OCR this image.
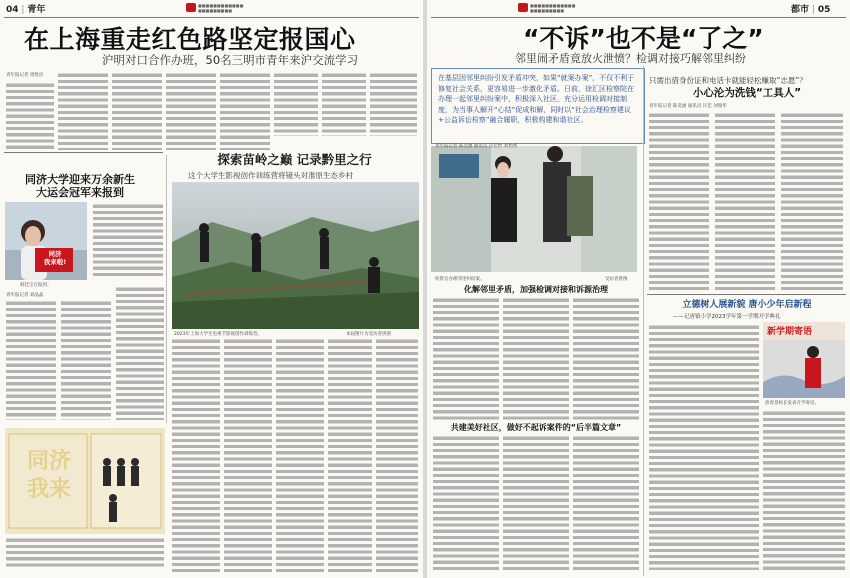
04 | 青年	■■■■■■■■■■■■
■■■■■■■■■
在上海重走红色路坚定报国心
沪明对口合作办班，50名三明市青年来沪交流学习
青年报记者 周胜洁
同济大学迎来万余新生
大运会冠军来报到
同济
我来啦!
韩佳宝在报到。
青年报记者 刘晶晶
探索苗岭之巅 记录黔里之行
这个大学生影视创作训练营将镜头对准原生态乡村
2023年上海大学生电视节影视创作训练营。	本届图片为受访者供图
同济
我来
■■■■■■■■■■■■
■■■■■■■■■	都市 | 05
“不诉”也不是“了之”
邻里闹矛盾竟放火泄愤？检调对接巧解邻里纠纷
在基层因邻里纠纷引发矛盾冲突，如果“就案办案”，不仅不利于修复社会关系，更容易进一步激化矛盾。日前，徐汇区检察院在办理一起邻里纠纷案中，积极深入社区，充分运用检调对接制度，为当事人解开“心结”促成和解，同时以“社会治理检察建议+公益诉讼检察”融合履职，积极构建和谐社区。
检察官办理邻里纠纷案。	受访者供图
化解邻里矛盾，加强检调对接和诉源治理
共建美好社区，做好不起诉案件的“后半篇文章”
只需出借身份证和电话卡就能轻松赚取“志愿”？
小心沦为洗钱“工具人”
青年报记者 陈奕涵 通讯员 汪佳怡 刘怡香
青年报记者 陈奕涵 通讯员 汪佳 刘瑞华
立德树人展新貌 唐小少年启新程
——记唐镇小学2023学年第一学期开学典礼
新学期寄语
唐春景校长发表开学寄语。
